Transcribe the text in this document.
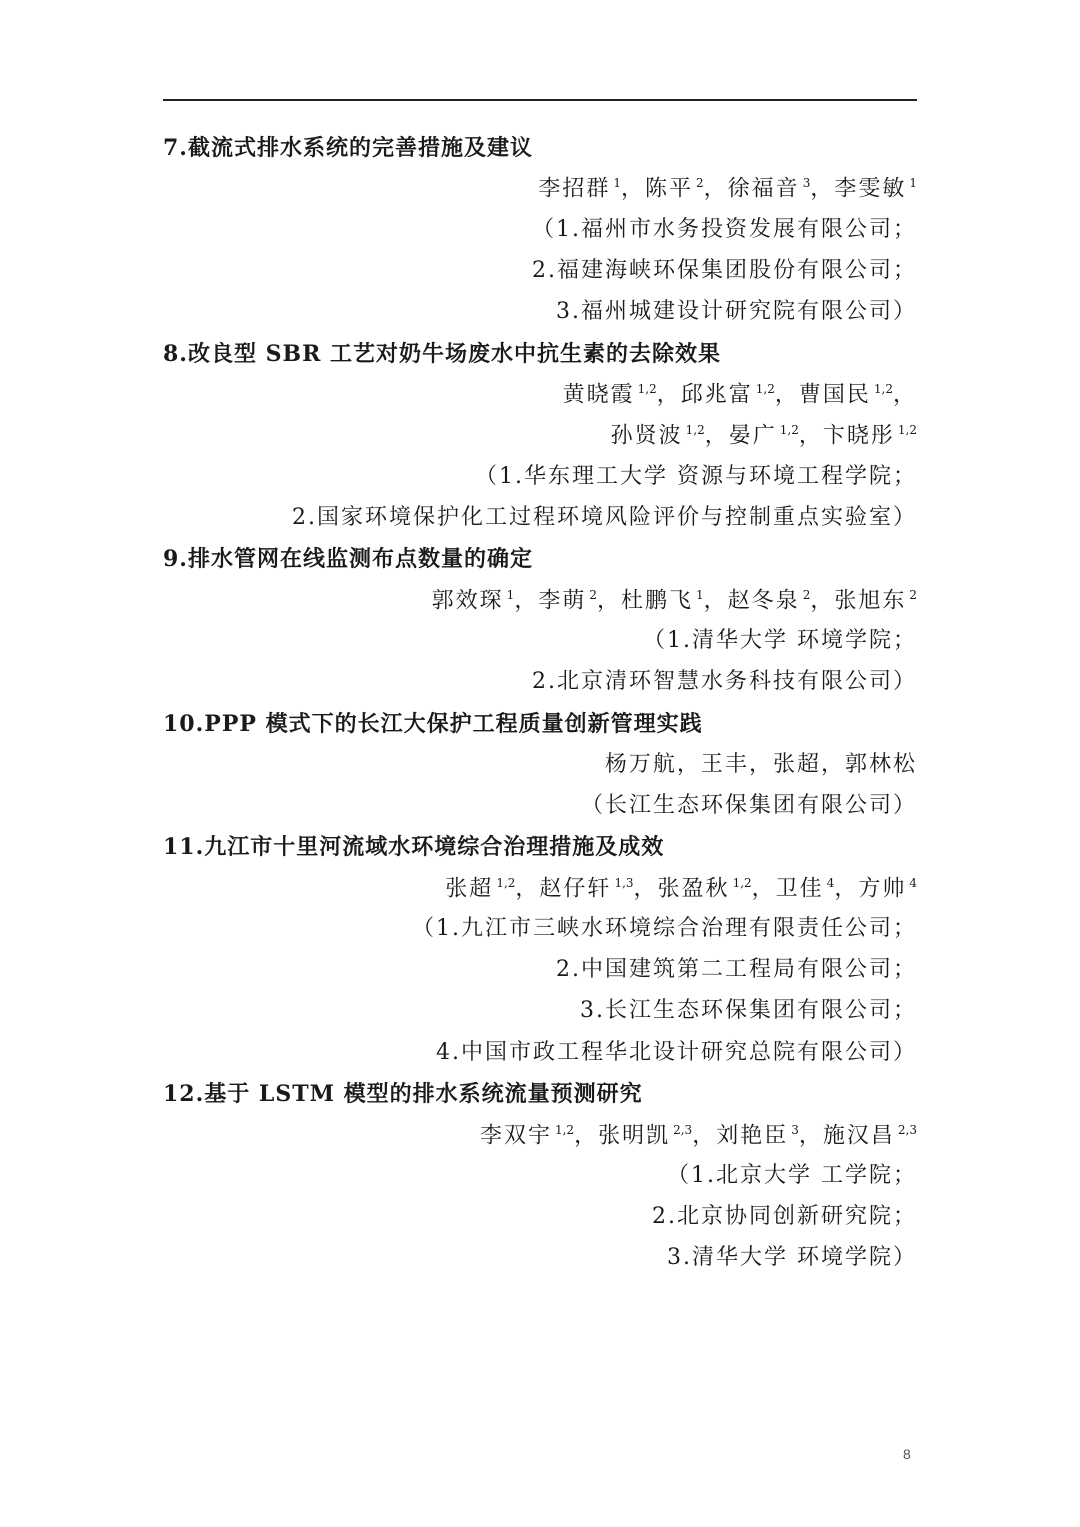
7.截流式排水系统的完善措施及建议
李招群 $^1$，陈平 $^2$，徐福音 $^3$，李雯敏 $^1$
（1.福州市水务投资发展有限公司；
2.福建海峡环保集团股份有限公司；
3.福州城建设计研究院有限公司）
8.改良型 SBR 工艺对奶牛场废水中抗生素的去除效果
黄晓霞 $^{1,2}$，邱兆富 $^{1,2}$，曹国民 $^{1,2}$，
孙贤波 $^{1,2}$，晏广 $^{1,2}$，卞晓彤 $^{1,2}$
（1.华东理工大学 资源与环境工程学院；
2.国家环境保护化工过程环境风险评价与控制重点实验室）
9.排水管网在线监测布点数量的确定
郭效琛 $^1$，李萌 $^2$，杜鹏飞 $^1$，赵冬泉 $^2$，张旭东 $^2$
（1.清华大学 环境学院；
2.北京清环智慧水务科技有限公司）
10.PPP 模式下的长江大保护工程质量创新管理实践
杨万航，王丰，张超，郭林松
（长江生态环保集团有限公司）
11.九江市十里河流域水环境综合治理措施及成效
张超 $^{1,2}$，赵仔轩 $^{1,3}$，张盈秋 $^{1,2}$，卫佳 $^4$，方帅 $^4$
（1.九江市三峡水环境综合治理有限责任公司；
2.中国建筑第二工程局有限公司；
3.长江生态环保集团有限公司；
4.中国市政工程华北设计研究总院有限公司）
12.基于 LSTM 模型的排水系统流量预测研究
李双宇 $^{1,2}$，张明凯 $^{2,3}$，刘艳臣 $^3$，施汉昌 $^{2,3}$
（1.北京大学 工学院；
2.北京协同创新研究院；
3.清华大学 环境学院）
8
